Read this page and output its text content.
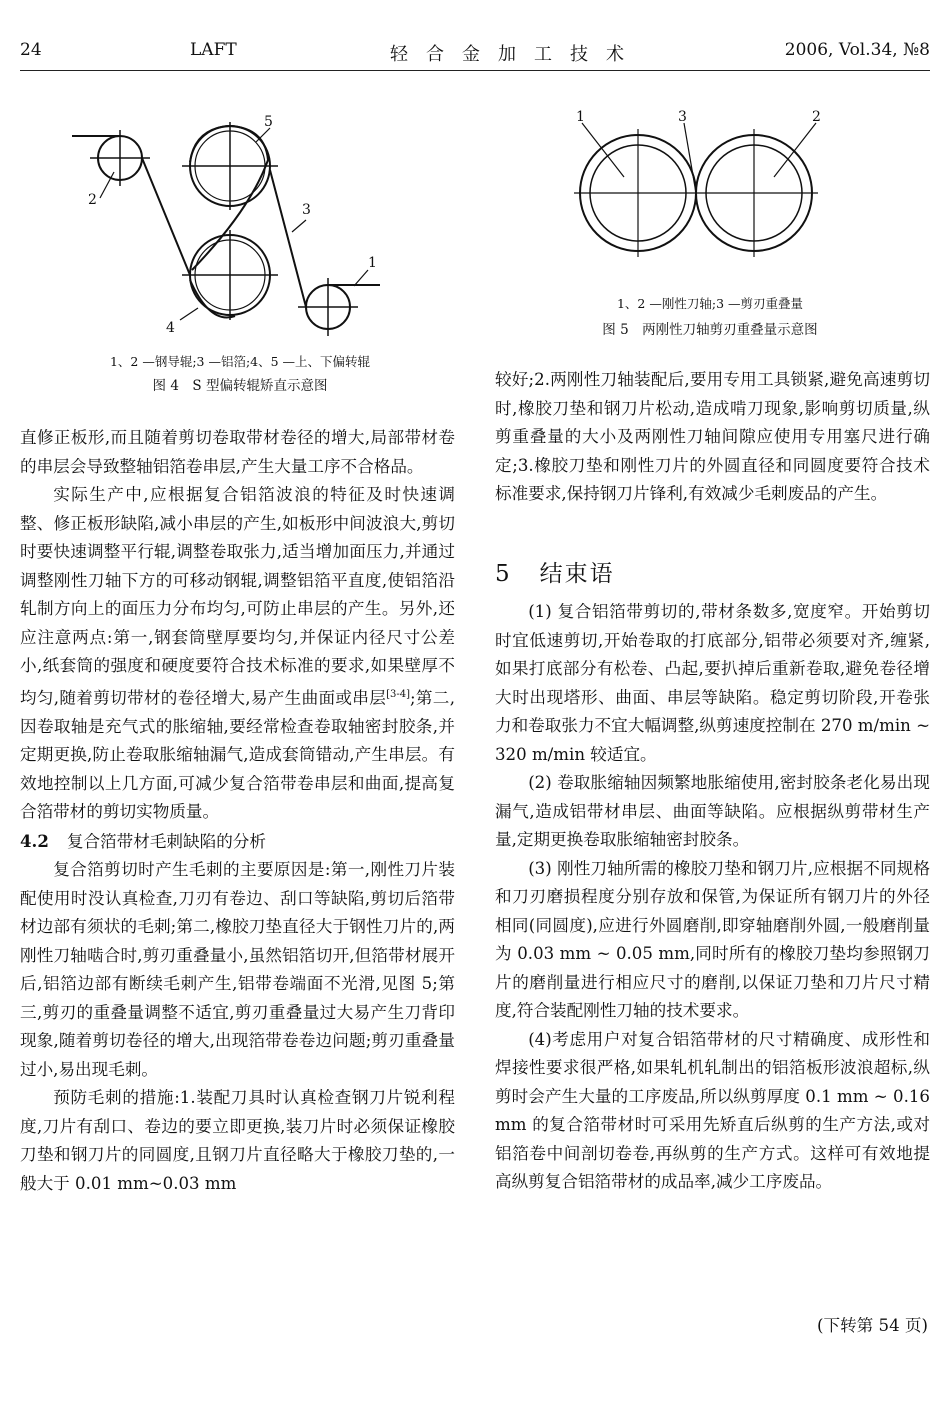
24	LAFT	轻合金加工技术	2006, Vol.34, №8
1
2
3
4
5
1、2 —钢导辊;3 —铝箔;4、5 —上、下偏转辊
图 4　S 型偏转辊矫直示意图
1	2
3
1、2 —刚性刀轴;3 —剪刃重叠量
图 5　两刚性刀轴剪刃重叠量示意图

直修正板形,而且随着剪切卷取带材卷径的增大,局部带材卷的串层会导致整轴铝箔卷串层,产生大量工序不合格品。

实际生产中,应根据复合铝箔波浪的特征及时快速调整、修正板形缺陷,减小串层的产生,如板形中间波浪大,剪切时要快速调整平行辊,调整卷取张力,适当增加面压力,并通过调整刚性刀轴下方的可移动钢辊,调整铝箔平直度,使铝箔沿轧制方向上的面压力分布均匀,可防止串层的产生。另外,还应注意两点:第一,钢套筒壁厚要均匀,并保证内径尺寸公差小,纸套筒的强度和硬度要符合技术标准的要求,如果壁厚不均匀,随着剪切带材的卷径增大,易产生曲面或串层[3-4];第二,因卷取轴是充气式的胀缩轴,要经常检查卷取轴密封胶条,并定期更换,防止卷取胀缩轴漏气,造成套筒错动,产生串层。有效地控制以上几方面,可减少复合箔带卷串层和曲面,提高复合箔带材的剪切实物质量。

4.2 复合箔带材毛刺缺陷的分析

复合箔剪切时产生毛刺的主要原因是:第一,刚性刀片装配使用时没认真检查,刀刃有卷边、刮口等缺陷,剪切后箔带材边部有须状的毛刺;第二,橡胶刀垫直径大于钢性刀片的,两刚性刀轴啮合时,剪刃重叠量小,虽然铝箔切开,但箔带材展开后,铝箔边部有断续毛刺产生,铝带卷端面不光滑,见图 5;第三,剪刃的重叠量调整不适宜,剪刃重叠量过大易产生刀背印现象,随着剪切卷径的增大,出现箔带卷卷边问题;剪刃重叠量过小,易出现毛刺。

预防毛刺的措施:1.装配刀具时认真检查钢刀片锐利程度,刀片有刮口、卷边的要立即更换,装刀片时必须保证橡胶刀垫和钢刀片的同圆度,且钢刀片直径略大于橡胶刀垫的,一般大于 0.01 mm~0.03 mm

较好;2.两刚性刀轴装配后,要用专用工具锁紧,避免高速剪切时,橡胶刀垫和钢刀片松动,造成啃刀现象,影响剪切质量,纵剪重叠量的大小及两刚性刀轴间隙应使用专用塞尺进行确定;3.橡胶刀垫和刚性刀片的外圆直径和同圆度要符合技术标准要求,保持钢刀片锋利,有效减少毛刺废品的产生。

5 结束语

(1) 复合铝箔带剪切的,带材条数多,宽度窄。开始剪切时宜低速剪切,开始卷取的打底部分,铝带必须要对齐,缠紧,如果打底部分有松卷、凸起,要扒掉后重新卷取,避免卷径增大时出现塔形、曲面、串层等缺陷。稳定剪切阶段,开卷张力和卷取张力不宜大幅调整,纵剪速度控制在 270 m/min ~ 320 m/min 较适宜。

(2) 卷取胀缩轴因频繁地胀缩使用,密封胶条老化易出现漏气,造成铝带材串层、曲面等缺陷。应根据纵剪带材生产量,定期更换卷取胀缩轴密封胶条。

(3) 刚性刀轴所需的橡胶刀垫和钢刀片,应根据不同规格和刀刃磨损程度分别存放和保管,为保证所有钢刀片的外径相同(同圆度),应进行外圆磨削,即穿轴磨削外圆,一般磨削量为 0.03 mm ~ 0.05 mm,同时所有的橡胶刀垫均参照钢刀片的磨削量进行相应尺寸的磨削,以保证刀垫和刀片尺寸精度,符合装配刚性刀轴的技术要求。

(4)考虑用户对复合铝箔带材的尺寸精确度、成形性和焊接性要求很严格,如果轧机轧制出的铝箔板形波浪超标,纵剪时会产生大量的工序废品,所以纵剪厚度 0.1 mm ~ 0.16 mm 的复合箔带材时可采用先矫直后纵剪的生产方法,或对铝箔卷中间剖切卷卷,再纵剪的生产方式。这样可有效地提高纵剪复合铝箔带材的成品率,减少工序废品。

(下转第 54 页)
